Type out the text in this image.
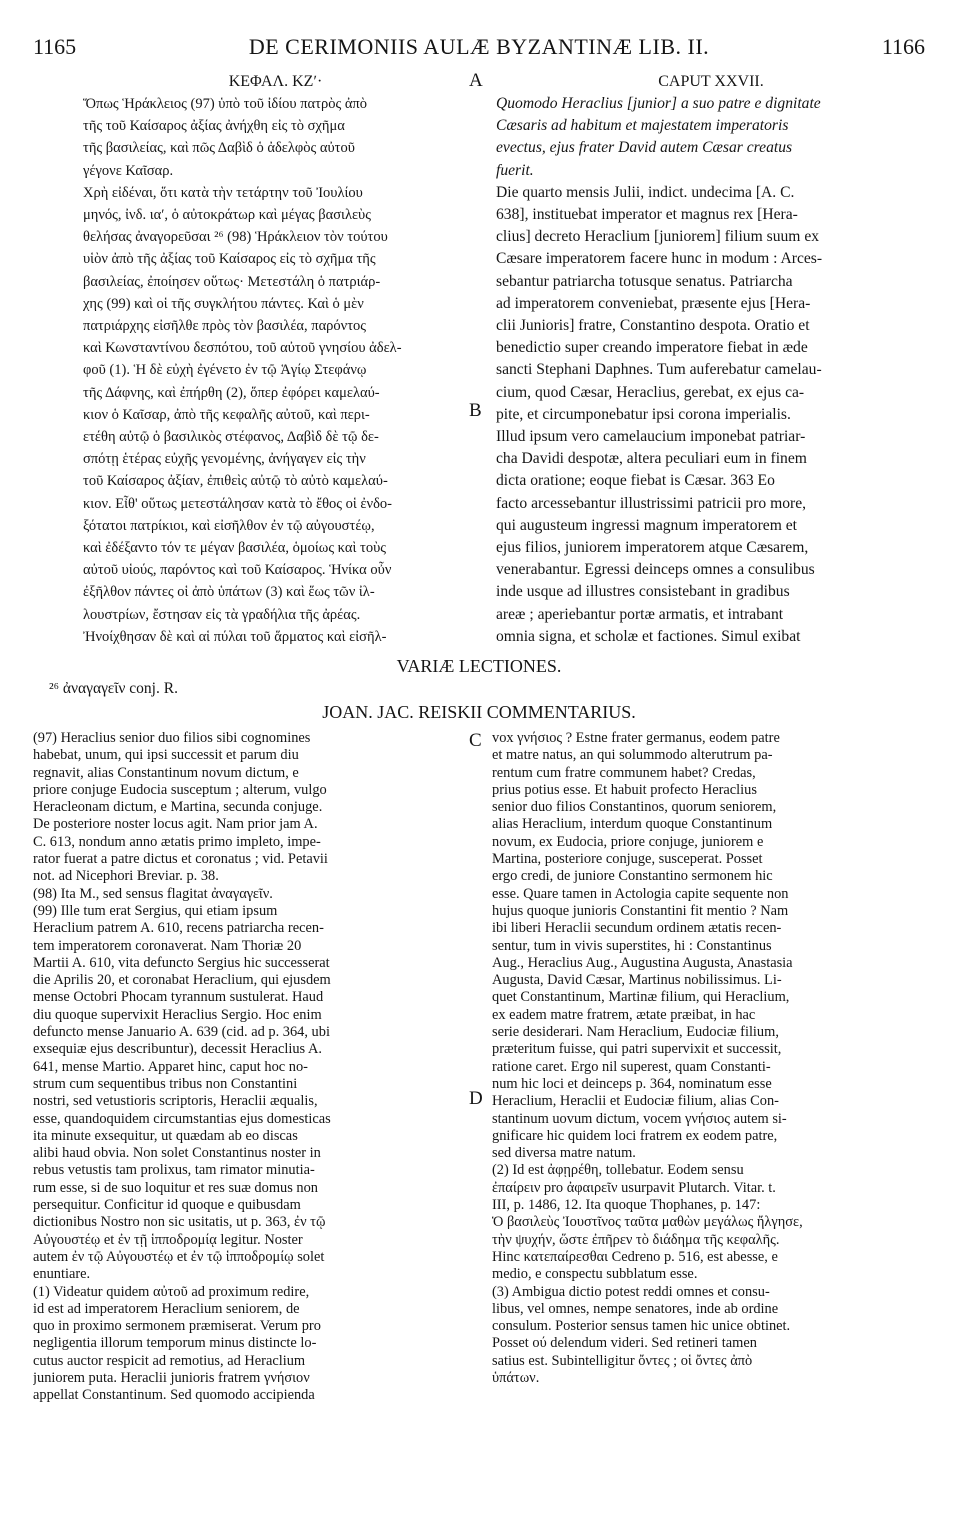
1165	DE CERIMONIIS AULÆ BYZANTINÆ LIB. II.	1166
A
B
C
D
ΚΕΦΑΛ. ΚΖʹ·
Ὅπως Ἡράκλειος (97) ὑπὸ τοῦ ἰδίου πατρὸς ἀπὸ
τῆς τοῦ Καίσαρος ἀξίας ἀνήχθη εἰς τὸ σχῆμα
τῆς βασιλείας, καὶ πῶς Δαβὶδ ὁ ἀδελφὸς αὐτοῦ
γέγονε Καῖσαρ.
Χρὴ εἰδέναι, ὅτι κατὰ τὴν τετάρτην τοῦ Ἰουλίου
μηνός, ἰνδ. ιαʹ, ὁ αὐτοκράτωρ καὶ μέγας βασιλεὺς
θελήσας ἀναγορεῦσαι ²⁶ (98) Ἡράκλειον τὸν τούτου
υἱὸν ἀπὸ τῆς ἀξίας τοῦ Καίσαρος εἰς τὸ σχῆμα τῆς
βασιλείας, ἐποίησεν οὕτως· Μετεστάλη ὁ πατριάρ-
χης (99) καὶ οἱ τῆς συγκλήτου πάντες. Καὶ ὁ μὲν
πατριάρχης εἰσῆλθε πρὸς τὸν βασιλέα, παρόντος
καὶ Κωνσταντίνου δεσπότου, τοῦ αὐτοῦ γνησίου ἀδελ-
φοῦ (1). Ἡ δὲ εὐχὴ ἐγένετο ἐν τῷ Ἁγίῳ Στεφάνῳ
τῆς Δάφνης, καὶ ἐπήρθη (2), ὅπερ ἐφόρει καμελαύ-
κιον ὁ Καῖσαρ, ἀπὸ τῆς κεφαλῆς αὐτοῦ, καὶ περι-
ετέθη αὐτῷ ὁ βασιλικὸς στέφανος, Δαβὶδ δὲ τῷ δε-
σπότῃ ἑτέρας εὐχῆς γενομένης, ἀνήγαγεν εἰς τὴν
τοῦ Καίσαρος ἀξίαν, ἐπιθεὶς αὐτῷ τὸ αὐτὸ καμελαύ-
κιον. Εἶθ' οὕτως μετεστάλησαν κατὰ τὸ ἔθος οἱ ἐνδο-
ξότατοι πατρίκιοι, καὶ εἰσῆλθον ἐν τῷ αὐγουστέῳ,
καὶ ἐδέξαντο τόν τε μέγαν βασιλέα, ὁμοίως καὶ τοὺς
αὐτοῦ υἱούς, παρόντος καὶ τοῦ Καίσαρος. Ἡνίκα οὖν
ἐξῆλθον πάντες οἱ ἀπὸ ὑπάτων (3) καὶ ἕως τῶν ἰλ-
λουστρίων, ἔστησαν εἰς τὰ γραδήλια τῆς ἀρέας.
Ἠνοίχθησαν δὲ καὶ αἱ πύλαι τοῦ ἅρματος καὶ εἰσῆλ-
CAPUT XXVII.
Quomodo Heraclius [junior] a suo patre e dignitate
Cæsaris ad habitum et majestatem imperatoris
evectus, ejus frater David autem Cæsar creatus
fuerit.
Die quarto mensis Julii, indict. undecima [A. C.
638], instituebat imperator et magnus rex [Hera-
clius] decreto Heraclium [juniorem] filium suum ex
Cæsare imperatorem facere hunc in modum : Arces-
sebantur patriarcha totusque senatus. Patriarcha
ad imperatorem conveniebat, præsente ejus [Hera-
clii Junioris] fratre, Constantino despota. Oratio et
benedictio super creando imperatore fiebat in æde
sancti Stephani Daphnes. Tum auferebatur camelau-
cium, quod Cæsar, Heraclius, gerebat, ex ejus ca-
pite, et circumponebatur ipsi corona imperialis.
Illud ipsum vero camelaucium imponebat patriar-
cha Davidi despotæ, altera peculiari eum in finem
dicta oratione; eoque fiebat is Cæsar. 363 Eo
facto arcessebantur illustrissimi patricii pro more,
qui augusteum ingressi magnum imperatorem et
ejus filios, juniorem imperatorem atque Cæsarem,
venerabantur. Egressi deinceps omnes a consulibus
inde usque ad illustres consistebant in gradibus
areæ ; aperiebantur portæ armatis, et intrabant
omnia signa, et scholæ et factiones. Simul exibat
VARIÆ LECTIONES.
²⁶ ἀναγαγεῖν conj. R.
JOAN. JAC. REISKII COMMENTARIUS.
(97) Heraclius senior duo filios sibi cognomines
habebat, unum, qui ipsi successit et parum diu
regnavit, alias Constantinum novum dictum, e
priore conjuge Eudocia susceptum ; alterum, vulgo
Heracleonam dictum, e Martina, secunda conjuge.
De posteriore noster locus agit. Nam prior jam A.
C. 613, nondum anno ætatis primo impleto, impe-
rator fuerat a patre dictus et coronatus ; vid. Petavii
not. ad Nicephori Breviar. p. 38.
(98) Ita M., sed sensus flagitat ἀναγαγεῖν.
(99) Ille tum erat Sergius, qui etiam ipsum
Heraclium patrem A. 610, recens patriarcha recen-
tem imperatorem coronaverat. Nam Thoriæ 20
Martii A. 610, vita defuncto Sergius hic successerat
die Aprilis 20, et coronabat Heraclium, qui ejusdem
mense Octobri Phocam tyrannum sustulerat. Haud
diu quoque supervixit Heraclius Sergio. Hoc enim
defuncto mense Januario A. 639 (cid. ad p. 364, ubi
exsequiæ ejus describuntur), decessit Heraclius A.
641, mense Martio. Apparet hinc, caput hoc no-
strum cum sequentibus tribus non Constantini
nostri, sed vetustioris scriptoris, Heraclii æqualis,
esse, quandoquidem circumstantias ejus domesticas
ita minute exsequitur, ut quædam ab eo discas
alibi haud obvia. Non solet Constantinus noster in
rebus vetustis tam prolixus, tam rimator minutia-
rum esse, si de suo loquitur et res suæ domus non
persequitur. Conficitur id quoque e quibusdam
dictionibus Nostro non sic usitatis, ut p. 363, ἐν τῷ
Αὐγουστέῳ et ἐν τῇ ἱπποδρομίᾳ legitur. Noster
autem ἐν τῷ Αὐγουστέῳ et ἐν τῷ ἱπποδρομίῳ solet
enuntiare.
(1) Videatur quidem αὐτοῦ ad proximum redire,
id est ad imperatorem Heraclium seniorem, de
quo in proximo sermonem præmiserat. Verum pro
negligentia illorum temporum minus distincte lo-
cutus auctor respicit ad remotius, ad Heraclium
juniorem puta. Heraclii junioris fratrem γνήσιον
appellat Constantinum. Sed quomodo accipienda
vox γνήσιος ? Estne frater germanus, eodem patre
et matre natus, an qui solummodo alterutrum pa-
rentum cum fratre communem habet? Credas,
prius potius esse. Et habuit profecto Heraclius
senior duo filios Constantinos, quorum seniorem,
alias Heraclium, interdum quoque Constantinum
novum, ex Eudocia, priore conjuge, juniorem e
Martina, posteriore conjuge, susceperat. Posset
ergo credi, de juniore Constantino sermonem hic
esse. Quare tamen in Actologia capite sequente non
hujus quoque junioris Constantini fit mentio ? Nam
ibi liberi Heraclii secundum ordinem ætatis recen-
sentur, tum in vivis superstites, hi : Constantinus
Aug., Heraclius Aug., Augustina Augusta, Anastasia
Augusta, David Cæsar, Martinus nobilissimus. Li-
quet Constantinum, Martinæ filium, qui Heraclium,
ex eadem matre fratrem, ætate præibat, in hac
serie desiderari. Nam Heraclium, Eudociæ filium,
præteritum fuisse, qui patri supervixit et successit,
ratione caret. Ergo nil superest, quam Constanti-
num hic loci et deinceps p. 364, nominatum esse
Heraclium, Heraclii et Eudociæ filium, alias Con-
stantinum uovum dictum, vocem γνήσιος autem si-
gnificare hic quidem loci fratrem ex eodem patre,
sed diversa matre natum.
(2) Id est ἀφῃρέθη, tollebatur. Eodem sensu
ἐπαίρειν pro ἀφαιρεῖν usurpavit Plutarch. Vitar. t.
III, p. 1486, 12. Ita quoque Thophanes, p. 147:
Ὁ βασιλεὺς Ἰουστῖνος ταῦτα μαθὼν μεγάλως ἤλγησε,
τὴν ψυχήν, ὥστε ἐπῆρεν τὸ διάδημα τῆς κεφαλῆς.
Hinc κατεπαίρεσθαι Cedreno p. 516, est abesse, e
medio, e conspectu subblatum esse.
(3) Ambigua dictio potest reddi omnes et consu-
libus, vel omnes, nempe senatores, inde ab ordine
consulum. Posterior sensus tamen hic unice obtinet.
Posset ού delendum videri. Sed retineri tamen
satius est. Subintelligitur ὄντες ; οἱ ὄντες ἀπὸ
ὑπάτων.
